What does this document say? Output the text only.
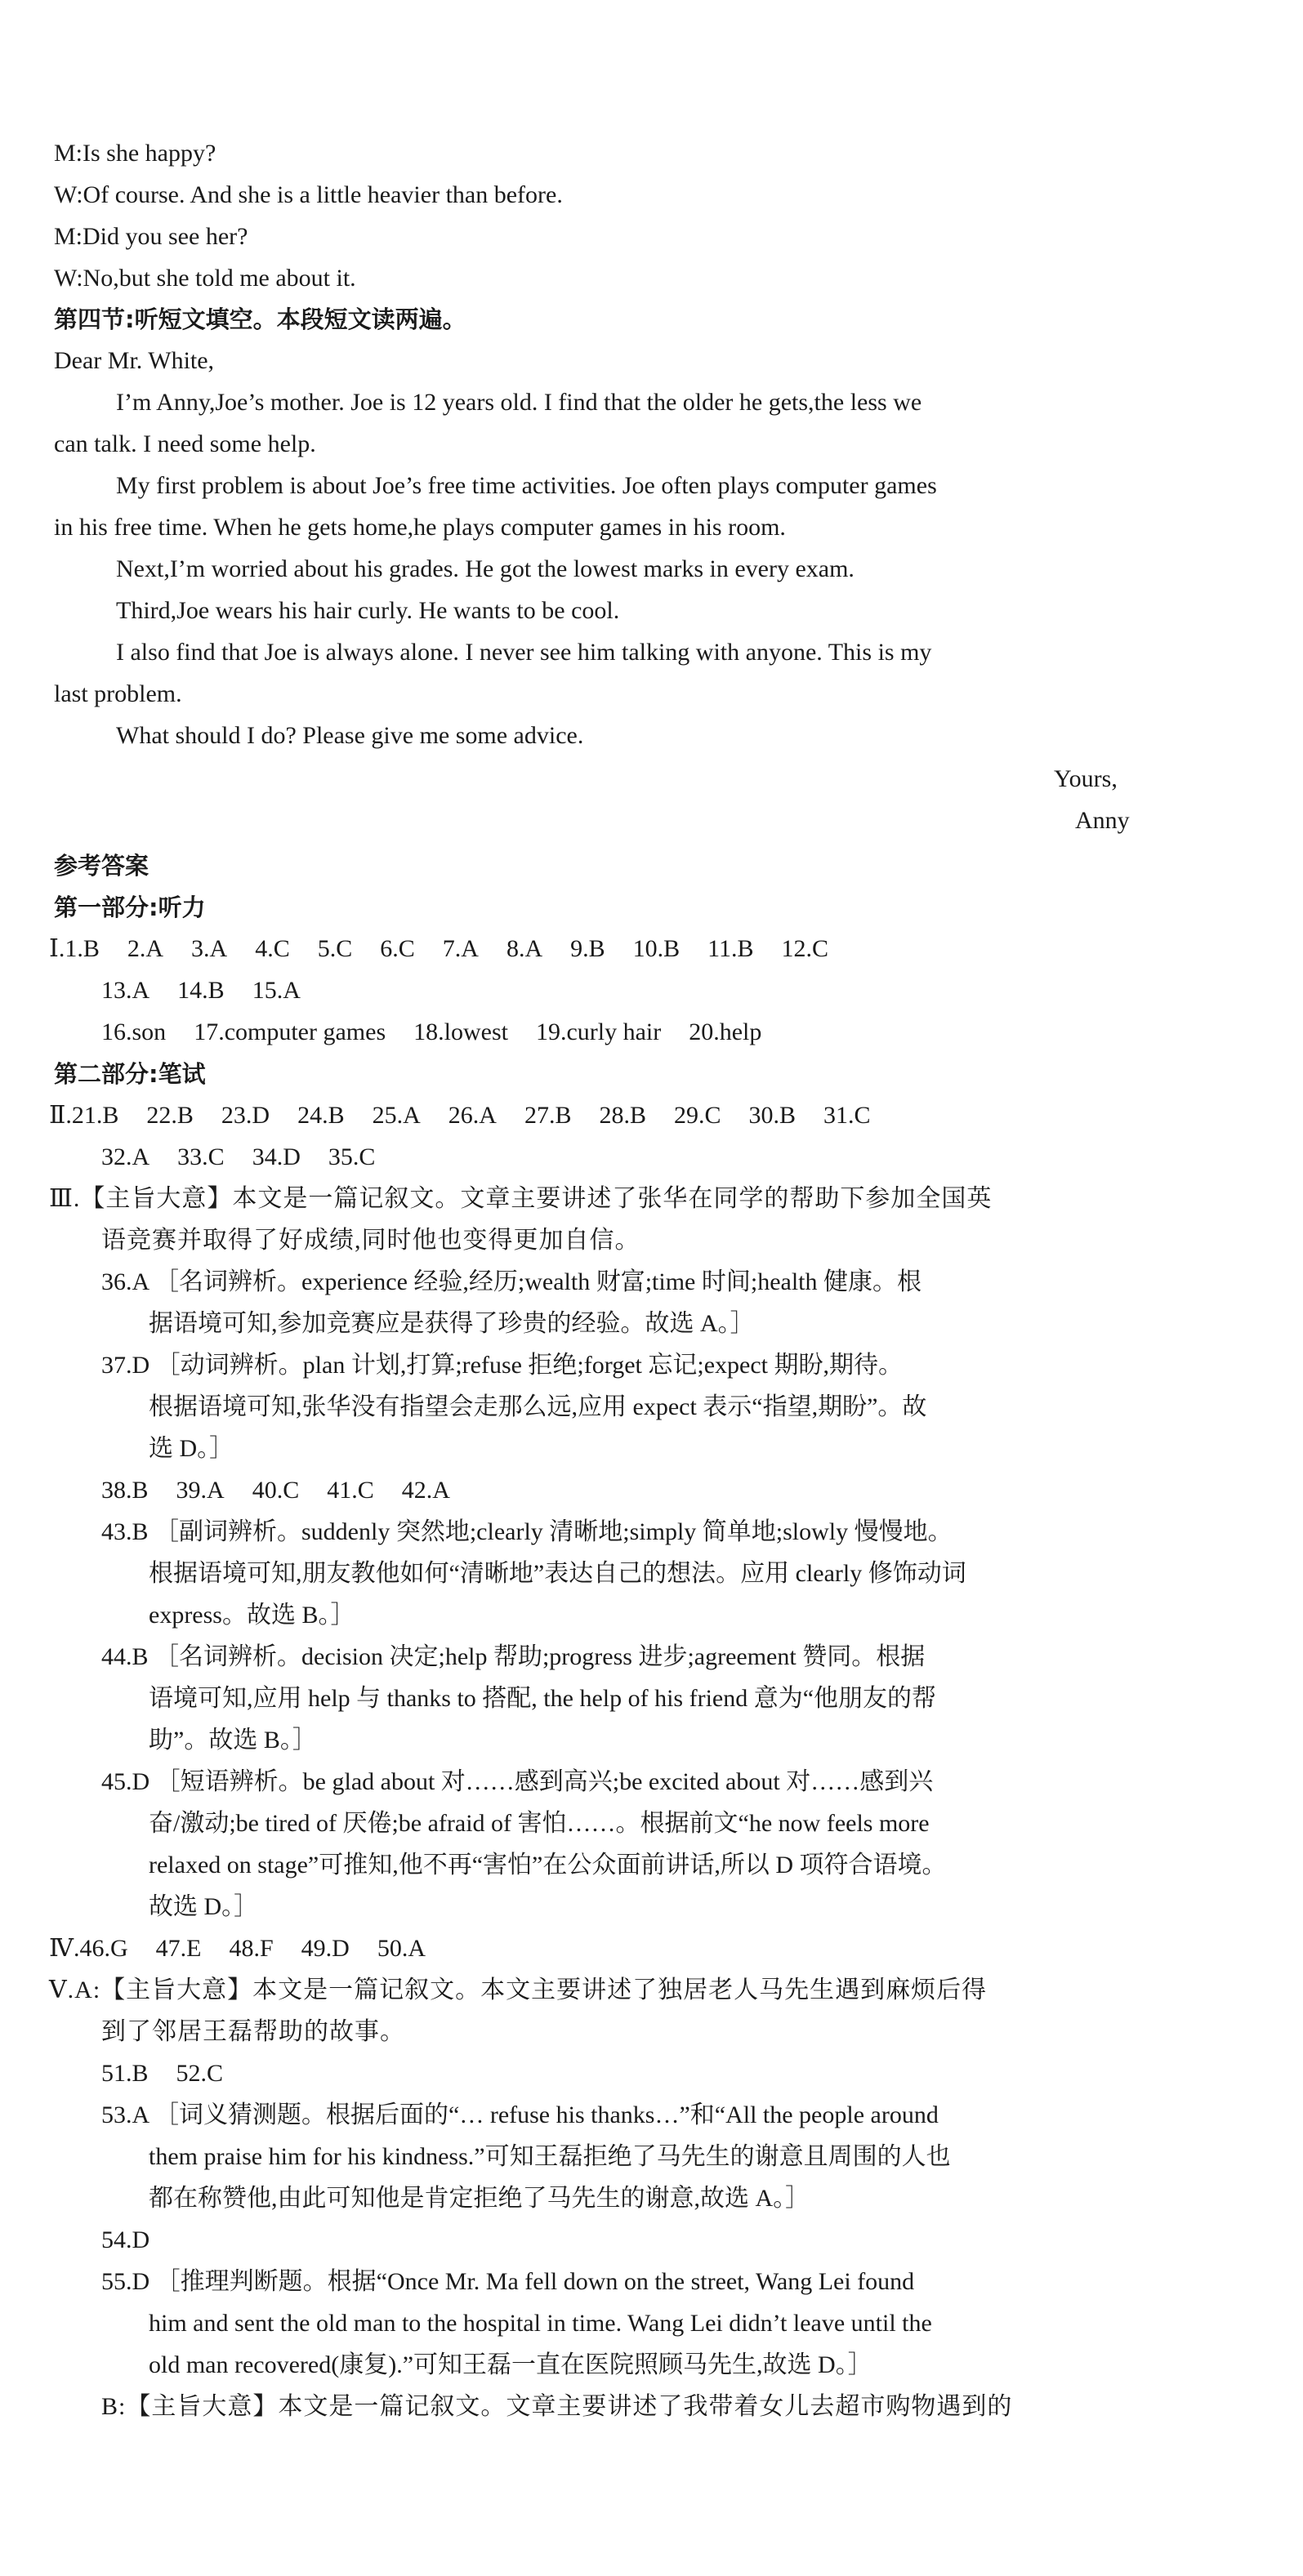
M:Is she happy?
W:Of course. And she is a little heavier than before.
M:Did you see her?
W:No,but she told me about it.
第四节:听短文填空。本段短文读两遍。
Dear Mr. White,
I’m Anny,Joe’s mother. Joe is 12 years old. I find that the older he gets,the less we
can talk. I need some help.
My first problem is about Joe’s free time activities. Joe often plays computer games
in his free time. When he gets home,he plays computer games in his room.
Next,I’m worried about his grades. He got the lowest marks in every exam.
Third,Joe wears his hair curly. He wants to be cool.
I also find that Joe is always alone. I never see him talking with anyone. This is my
last problem.
What should I do? Please give me some advice.
Yours,
Anny
参考答案
第一部分:听力
Ⅰ.1.B 2.A 3.A 4.C 5.C 6.C 7.A 8.A 9.B 10.B 11.B 12.C
13.A 14.B 15.A
16.son 17.computer games 18.lowest 19.curly hair 20.help
第二部分:笔试
Ⅱ.21.B 22.B 23.D 24.B 25.A 26.A 27.B 28.B 29.C 30.B 31.C
32.A 33.C 34.D 35.C
Ⅲ.【主旨大意】本文是一篇记叙文。文章主要讲述了张华在同学的帮助下参加全国英
语竞赛并取得了好成绩,同时他也变得更加自信。
36.A ［名词辨析。experience 经验,经历;wealth 财富;time 时间;health 健康。根
据语境可知,参加竞赛应是获得了珍贵的经验。故选 A。］
37.D ［动词辨析。plan 计划,打算;refuse 拒绝;forget 忘记;expect 期盼,期待。
根据语境可知,张华没有指望会走那么远,应用 expect 表示“指望,期盼”。故
选 D。］
38.B 39.A 40.C 41.C 42.A
43.B ［副词辨析。suddenly 突然地;clearly 清晰地;simply 简单地;slowly 慢慢地。
根据语境可知,朋友教他如何“清晰地”表达自己的想法。应用 clearly 修饰动词
express。故选 B。］
44.B ［名词辨析。decision 决定;help 帮助;progress 进步;agreement 赞同。根据
语境可知,应用 help 与 thanks to 搭配, the help of his friend 意为“他朋友的帮
助”。故选 B。］
45.D ［短语辨析。be glad about 对……感到高兴;be excited about 对……感到兴
奋/激动;be tired of 厌倦;be afraid of 害怕……。根据前文“he now feels more
relaxed on stage”可推知,他不再“害怕”在公众面前讲话,所以 D 项符合语境。
故选 D。］
Ⅳ.46.G 47.E 48.F 49.D 50.A
Ⅴ.A:【主旨大意】本文是一篇记叙文。本文主要讲述了独居老人马先生遇到麻烦后得
到了邻居王磊帮助的故事。
51.B 52.C
53.A ［词义猜测题。根据后面的“… refuse his thanks…”和“All the people around
them praise him for his kindness.”可知王磊拒绝了马先生的谢意且周围的人也
都在称赞他,由此可知他是肯定拒绝了马先生的谢意,故选 A。］
54.D
55.D ［推理判断题。根据“Once Mr. Ma fell down on the street, Wang Lei found
him and sent the old man to the hospital in time. Wang Lei didn’t leave until the
old man recovered(康复).”可知王磊一直在医院照顾马先生,故选 D。］
B:【主旨大意】本文是一篇记叙文。文章主要讲述了我带着女儿去超市购物遇到的
